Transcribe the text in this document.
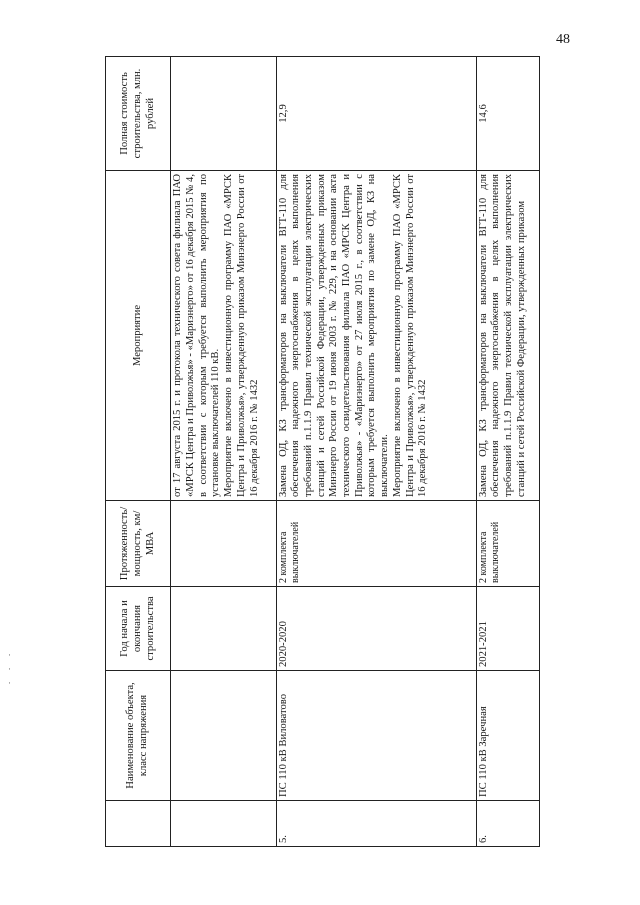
48
·
·
·
		Наименование объекта, класс напряжения	Год начала и окончания строительства	Протяженность/ мощность, км/МВА	Мероприятие	Полная стоимость строительства, млн. рублей

				от 17 августа 2015 г. и протокола технического совета филиала ПАО «МРСК Центра и Приволжья» - «Мариэнерго» от 16 декабря 2015 № 4, в соответствии с которым требуется выполнить мероприятия по установке выключателей 110 кВ. Мероприятие включено в инвестиционную программу ПАО «МРСК Центра и Приволжья», утвержденную приказом Минэнерго России от 16 декабря 2016 г. № 1432	

5.	ПС 110 кВ Виловатово	2020-2020	2 комплекта выключателей	Замена ОД, КЗ трансформаторов на выключатели ВГТ-110 для обеспечения надежного энергоснабжения в целях выполнения требований п.1.1.9 Правил технической эксплуатации электрических станций и сетей Российской Федерации, утвержденных приказом Минэнерго России от 19 июня 2003 г. № 229, и на основании акта технического освидетельствования филиала ПАО «МРСК Центра и Приволжья» - «Мариэнерго» от 27 июля 2015 г., в соответствии с которым требуется выполнить мероприятия по замене ОД, КЗ на выключатели. Мероприятие включено в инвестиционную программу ПАО «МРСК Центра и Приволжья», утвержденную приказом Минэнерго России от 16 декабря 2016 г. № 1432	12,9
6.	ПС 110 кВ Заречная	2021-2021	2 комплекта выключателей	Замена ОД, КЗ трансформаторов на выключатели ВГТ-110 для обеспечения надежного энергоснабжения в целях выполнения требований п.1.1.9 Правил технической эксплуатации электрических станций и сетей Российской Федерации, утвержденных приказом	14,6
